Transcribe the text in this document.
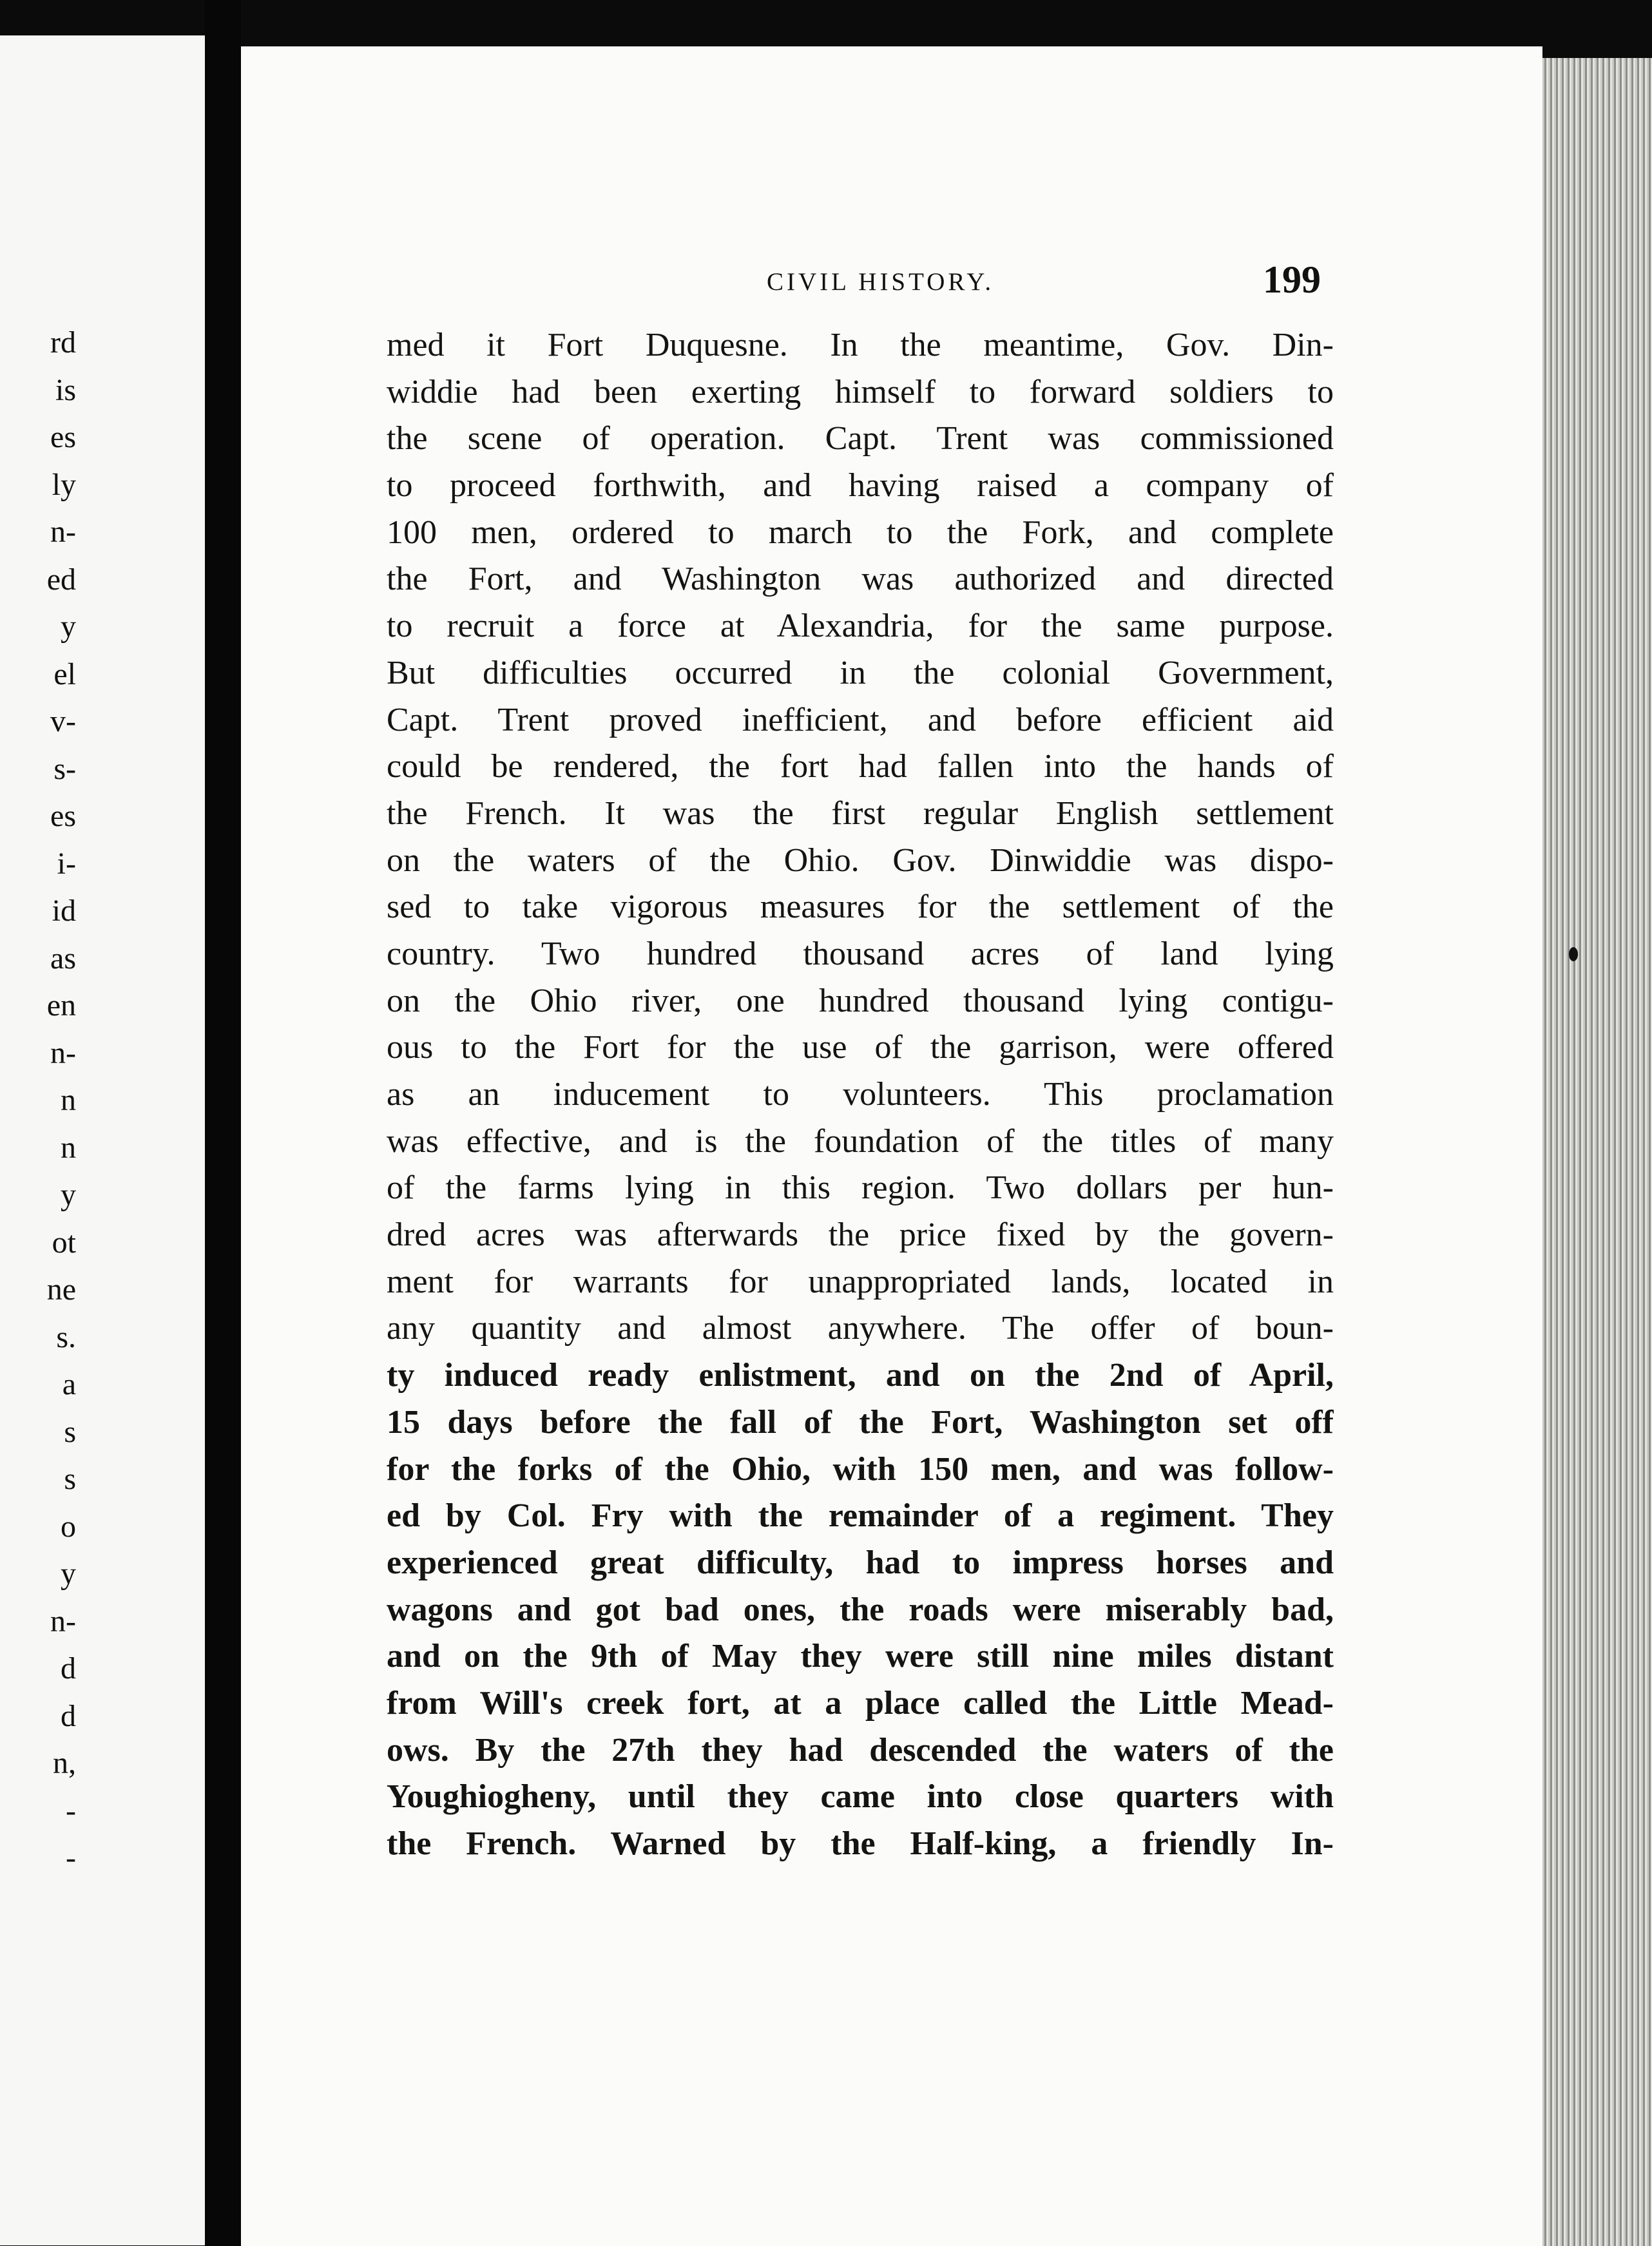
rd
is
es
ly
n-
ed
y
el
v-
s-
es
i-
id
as
en
n-
n
n
y
ot
ne
s.
a
s
s
o
y
n-
d
d
n,
-
-
CIVIL HISTORY.	199
med it Fort Duquesne. In the meantime, Gov. Din-
widdie had been exerting himself to forward soldiers to
the scene of operation. Capt. Trent was commissioned
to proceed forthwith, and having raised a company of
100 men, ordered to march to the Fork, and complete
the Fort, and Washington was authorized and directed
to recruit a force at Alexandria, for the same purpose.
But difficulties occurred in the colonial Government,
Capt. Trent proved inefficient, and before efficient aid
could be rendered, the fort had fallen into the hands of
the French. It was the first regular English settlement
on the waters of the Ohio. Gov. Dinwiddie was dispo-
sed to take vigorous measures for the settlement of the
country. Two hundred thousand acres of land lying
on the Ohio river, one hundred thousand lying contigu-
ous to the Fort for the use of the garrison, were offered
as an inducement to volunteers. This proclamation
was effective, and is the foundation of the titles of many
of the farms lying in this region. Two dollars per hun-
dred acres was afterwards the price fixed by the govern-
ment for warrants for unappropriated lands, located in
any quantity and almost anywhere. The offer of boun-
ty induced ready enlistment, and on the 2nd of April,
15 days before the fall of the Fort, Washington set off
for the forks of the Ohio, with 150 men, and was follow-
ed by Col. Fry with the remainder of a regiment. They
experienced great difficulty, had to impress horses and
wagons and got bad ones, the roads were miserably bad,
and on the 9th of May they were still nine miles distant
from Will's creek fort, at a place called the Little Mead-
ows. By the 27th they had descended the waters of the
Youghiogheny, until they came into close quarters with
the French. Warned by the Half-king, a friendly In-
